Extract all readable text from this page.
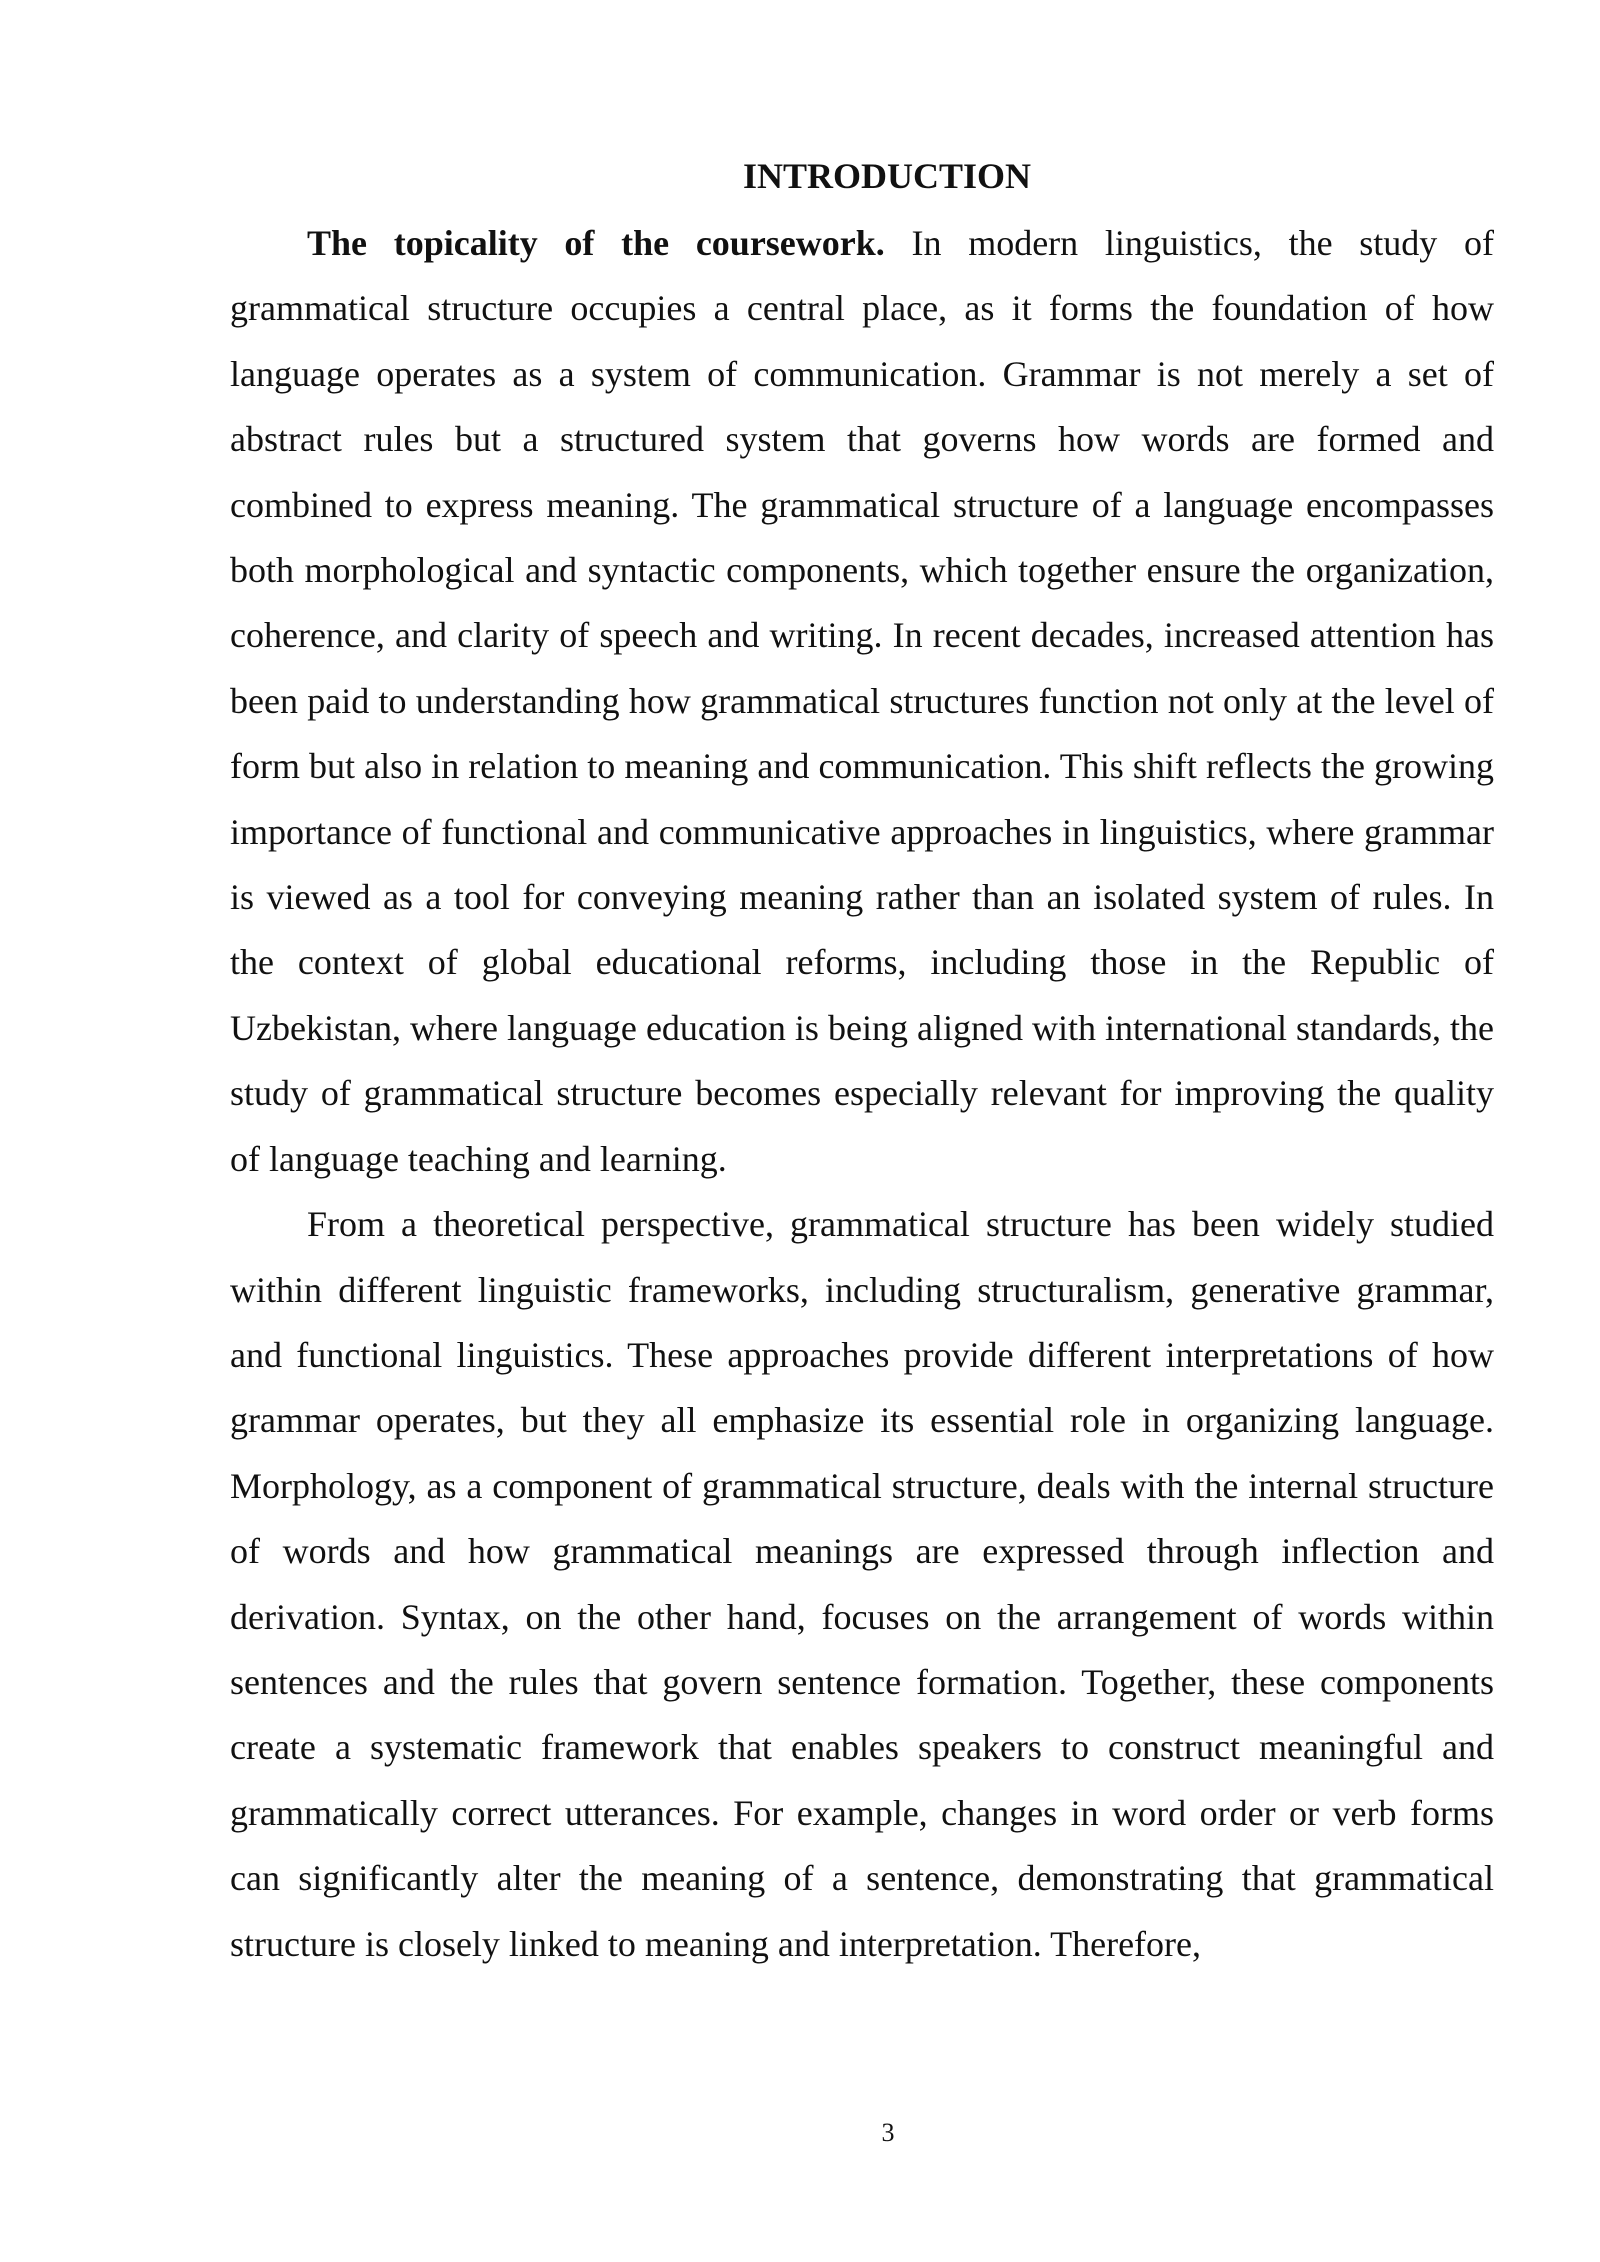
INTRODUCTION

The topicality of the coursework. In modern linguistics, the study of grammatical structure occupies a central place, as it forms the foundation of how language operates as a system of communication. Grammar is not merely a set of abstract rules but a structured system that governs how words are formed and combined to express meaning. The grammatical structure of a language encompasses both morphological and syntactic components, which together ensure the organization, coherence, and clarity of speech and writing. In recent decades, increased attention has been paid to understanding how grammatical structures function not only at the level of form but also in relation to meaning and communication. This shift reflects the growing importance of functional and communicative approaches in linguistics, where grammar is viewed as a tool for conveying meaning rather than an isolated system of rules. In the context of global educational reforms, including those in the Republic of Uzbekistan, where language education is being aligned with international standards, the study of grammatical structure becomes especially relevant for improving the quality of language teaching and learning.

From a theoretical perspective, grammatical structure has been widely studied within different linguistic frameworks, including structuralism, generative grammar, and functional linguistics. These approaches provide different interpretations of how grammar operates, but they all emphasize its essential role in organizing language. Morphology, as a component of grammatical structure, deals with the internal structure of words and how grammatical meanings are expressed through inflection and derivation. Syntax, on the other hand, focuses on the arrangement of words within sentences and the rules that govern sentence formation. Together, these components create a systematic framework that enables speakers to construct meaningful and grammatically correct utterances. For example, changes in word order or verb forms can significantly alter the meaning of a sentence, demonstrating that grammatical structure is closely linked to meaning and interpretation. Therefore,

3
